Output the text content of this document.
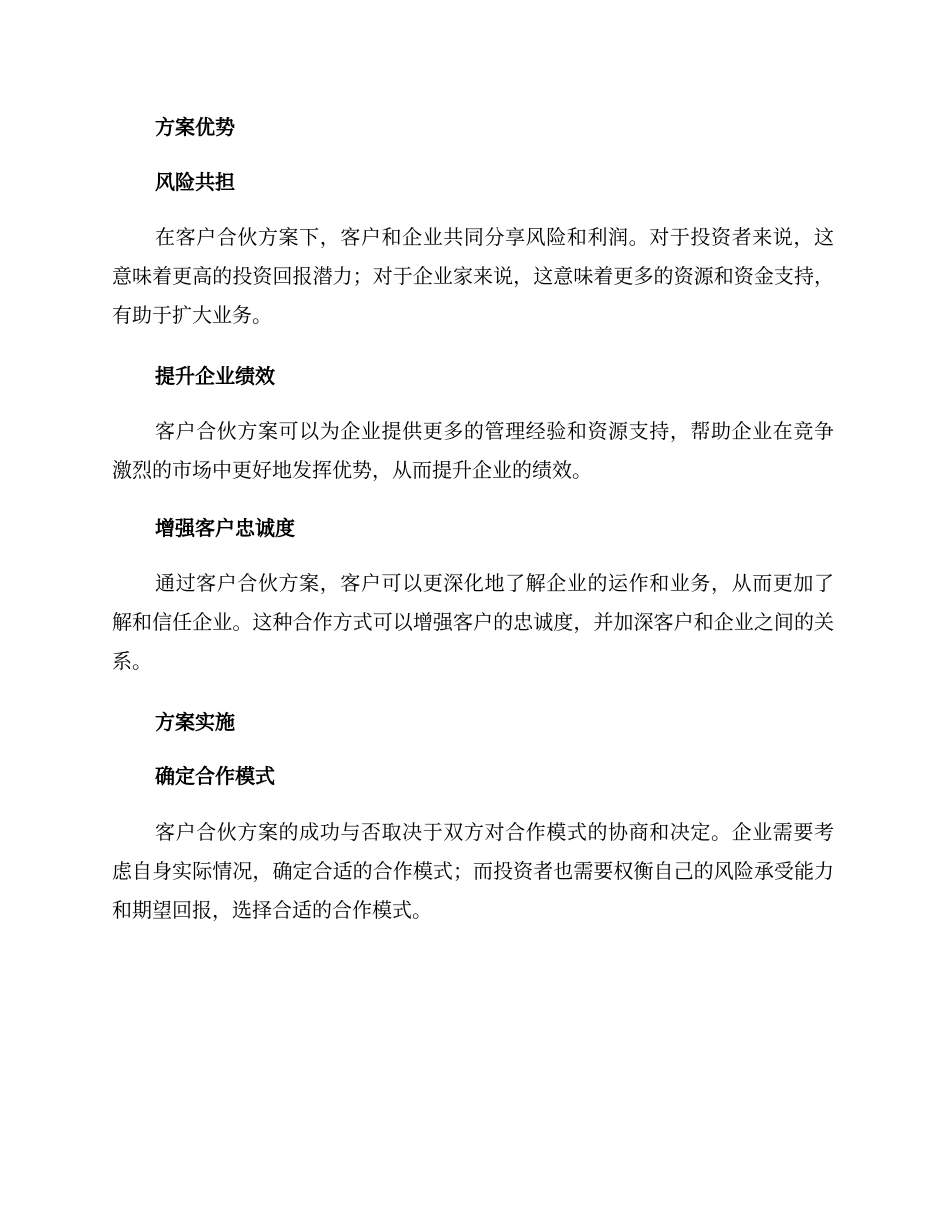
方案优势
风险共担
在客户合伙方案下，客户和企业共同分享风险和利润。对于投资者来说，这意味着更高的投资回报潜力；对于企业家来说，这意味着更多的资源和资金支持，有助于扩大业务。
提升企业绩效
客户合伙方案可以为企业提供更多的管理经验和资源支持，帮助企业在竞争激烈的市场中更好地发挥优势，从而提升企业的绩效。
增强客户忠诚度
通过客户合伙方案，客户可以更深化地了解企业的运作和业务，从而更加了解和信任企业。这种合作方式可以增强客户的忠诚度，并加深客户和企业之间的关系。
方案实施
确定合作模式
客户合伙方案的成功与否取决于双方对合作模式的协商和决定。企业需要考虑自身实际情况，确定合适的合作模式；而投资者也需要权衡自己的风险承受能力和期望回报，选择合适的合作模式。
